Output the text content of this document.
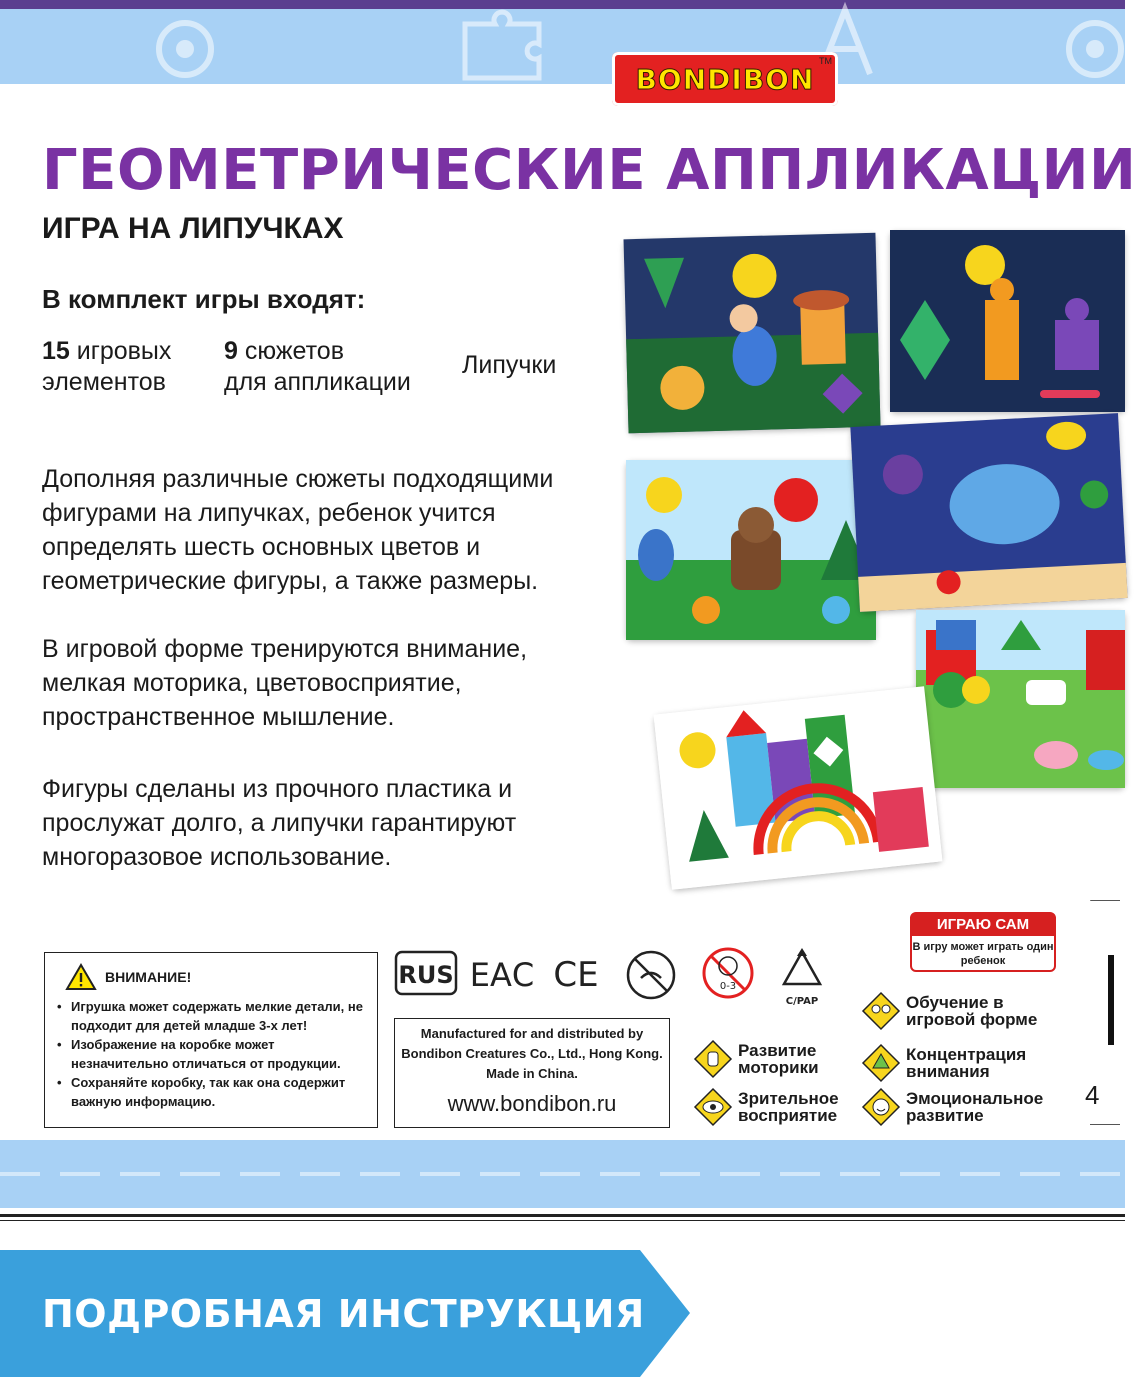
BONDIBON
™
ГЕОМЕТРИЧЕСКИЕ АППЛИКАЦИИ
ИГРА НА ЛИПУЧКАХ
В комплект игры входят:
15 игровых
элементов
9 сюжетов
для аппликации
Липучки
Дополняя различные сюжеты подходящими фигурами на липучках, ребенок учится определять шесть основных цветов и геометрические фигуры, а также размеры.
В игровой форме тренируются внимание, мелкая моторика, цветовосприятие, пространственное мышление.
Фигуры сделаны из прочного пластика и прослужат долго, а липучки гарантируют многоразовое использование.
ВНИМАНИЕ!
• Игрушка может содержать мелкие детали, не подходит для детей младше 3-х лет!
• Изображение на коробке может незначительно отличаться от продукции.
• Сохраняйте коробку, так как она содержит важную информацию.
RUS ЕАС CE	0-3
C/PAP
Manufactured for and distributed by
Bondibon Creatures Co., Ltd., Hong Kong.
Made in China.
www.bondibon.ru
ИГРАЮ САМ
В игру может играть один ребенок
Обучение в
игровой форме
Развитие
моторики
Концентрация
внимания
Зрительное
восприятие
Эмоциональное
развитие
4
ПОДРОБНАЯ ИНСТРУКЦИЯ
